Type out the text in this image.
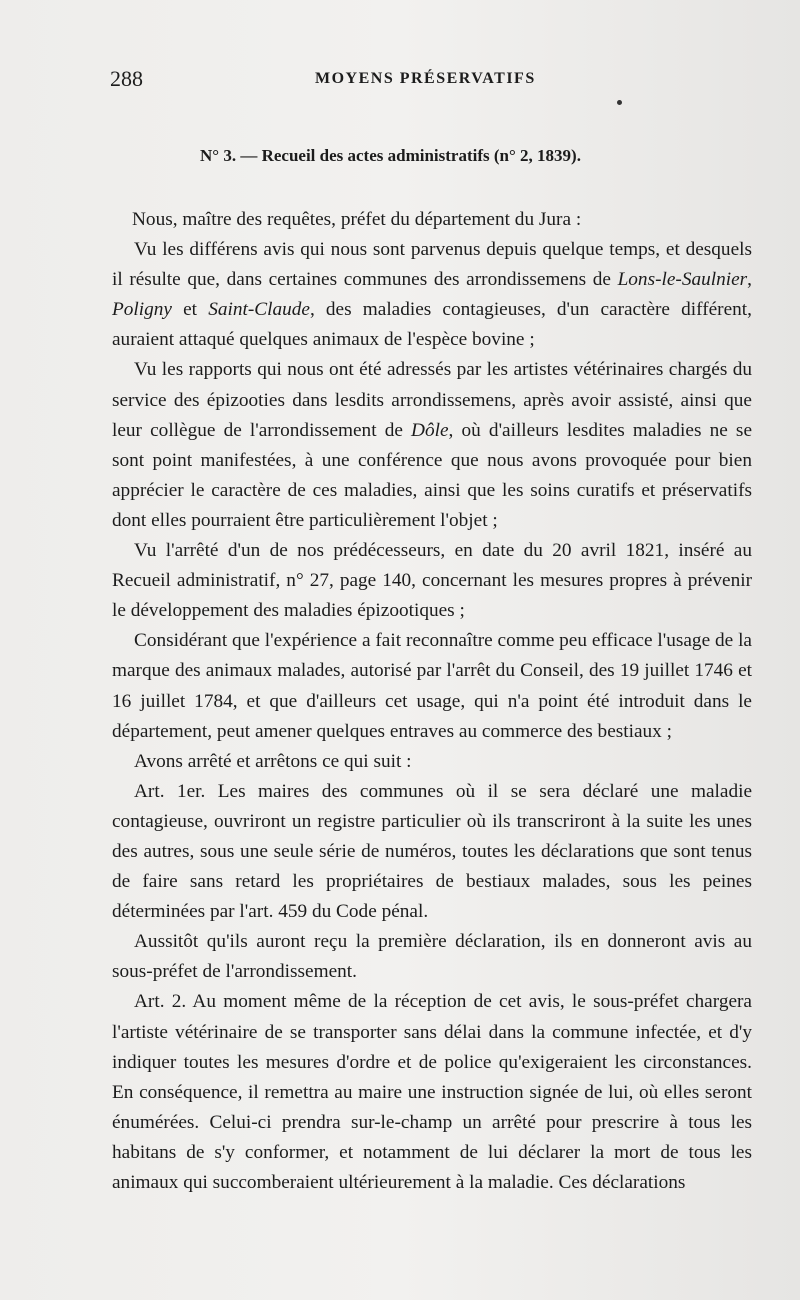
288	MOYENS PRÉSERVATIFS
N° 3. — Recueil des actes administratifs (n° 2, 1839).

Nous, maître des requêtes, préfet du département du Jura :

Vu les différens avis qui nous sont parvenus depuis quelque temps, et desquels il résulte que, dans certaines communes des arrondissemens de Lons-le-Saulnier, Poligny et Saint-Claude, des maladies contagieuses, d'un caractère différent, auraient attaqué quelques animaux de l'espèce bovine ;

Vu les rapports qui nous ont été adressés par les artistes vétérinaires chargés du service des épizooties dans lesdits arrondissemens, après avoir assisté, ainsi que leur collègue de l'arrondissement de Dôle, où d'ailleurs lesdites maladies ne se sont point manifestées, à une conférence que nous avons provoquée pour bien apprécier le caractère de ces maladies, ainsi que les soins curatifs et préservatifs dont elles pourraient être particulièrement l'objet ;

Vu l'arrêté d'un de nos prédécesseurs, en date du 20 avril 1821, inséré au Recueil administratif, n° 27, page 140, concernant les mesures propres à prévenir le développement des maladies épizootiques ;

Considérant que l'expérience a fait reconnaître comme peu efficace l'usage de la marque des animaux malades, autorisé par l'arrêt du Conseil, des 19 juillet 1746 et 16 juillet 1784, et que d'ailleurs cet usage, qui n'a point été introduit dans le département, peut amener quelques entraves au commerce des bestiaux ;

Avons arrêté et arrêtons ce qui suit :

Art. 1er. Les maires des communes où il se sera déclaré une maladie contagieuse, ouvriront un registre particulier où ils transcriront à la suite les unes des autres, sous une seule série de numéros, toutes les déclarations que sont tenus de faire sans retard les propriétaires de bestiaux malades, sous les peines déterminées par l'art. 459 du Code pénal.

Aussitôt qu'ils auront reçu la première déclaration, ils en donneront avis au sous-préfet de l'arrondissement.

Art. 2. Au moment même de la réception de cet avis, le sous-préfet chargera l'artiste vétérinaire de se transporter sans délai dans la commune infectée, et d'y indiquer toutes les mesures d'ordre et de police qu'exigeraient les circonstances. En conséquence, il remettra au maire une instruction signée de lui, où elles seront énumérées. Celui-ci prendra sur-le-champ un arrêté pour prescrire à tous les habitans de s'y conformer, et notamment de lui déclarer la mort de tous les animaux qui succomberaient ultérieurement à la maladie. Ces déclarations
